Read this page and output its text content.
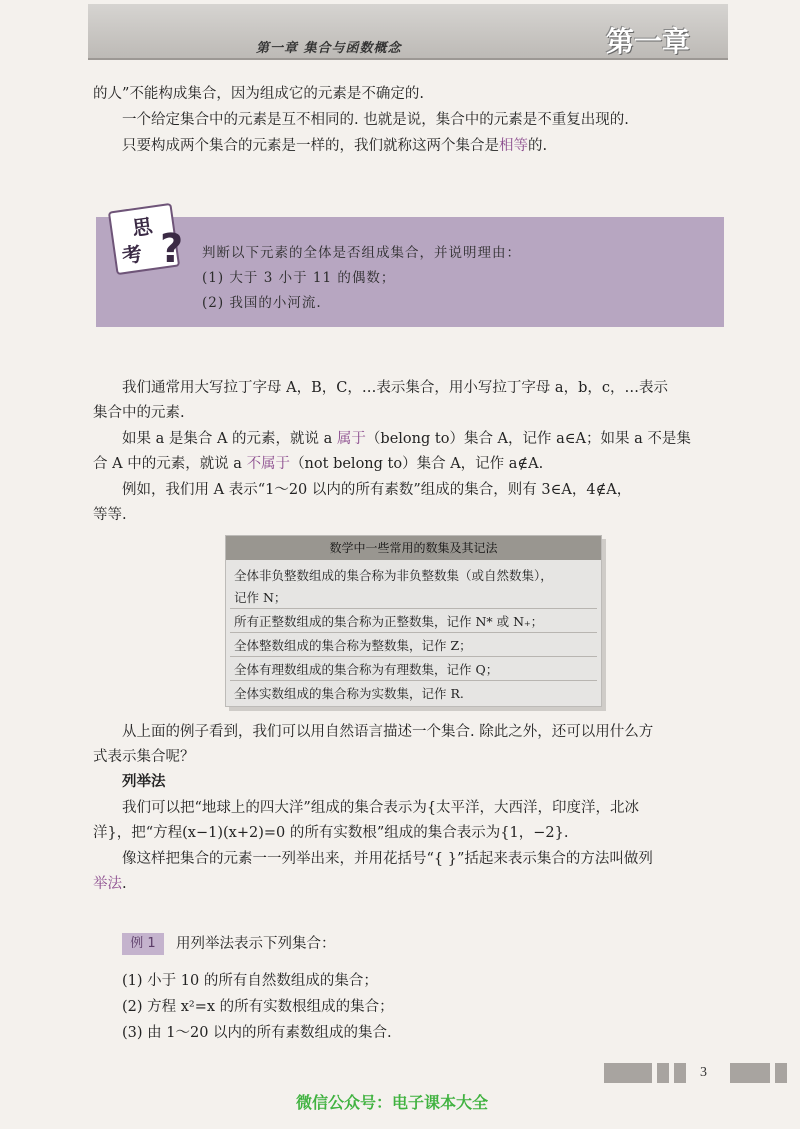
第一章 集合与函数概念	第一章
的人”不能构成集合，因为组成它的元素是不确定的.
一个给定集合中的元素是互不相同的. 也就是说，集合中的元素是不重复出现的.
只要构成两个集合的元素是一样的，我们就称这两个集合是相等的.
思
考 ? 判断以下元素的全体是否组成集合，并说明理由：
(1) 大于 3 小于 11 的偶数；
(2) 我国的小河流.
我们通常用大写拉丁字母 A，B，C，…表示集合，用小写拉丁字母 a，b，c，…表示
集合中的元素.
如果 a 是集合 A 的元素，就说 a 属于（belong to）集合 A，记作 a∈A；如果 a 不是集
合 A 中的元素，就说 a 不属于（not belong to）集合 A，记作 a∉A.
例如，我们用 A 表示“1～20 以内的所有素数”组成的集合，则有 3∈A，4∉A，
等等.
数学中一些常用的数集及其记法
全体非负整数组成的集合称为非负整数集（或自然数集），
记作 N；
所有正整数组成的集合称为正整数集，记作 N* 或 N₊；
全体整数组成的集合称为整数集，记作 Z；
全体有理数组成的集合称为有理数集，记作 Q；
全体实数组成的集合称为实数集，记作 R.
从上面的例子看到，我们可以用自然语言描述一个集合. 除此之外，还可以用什么方
式表示集合呢？
列举法
我们可以把“地球上的四大洋”组成的集合表示为{太平洋，大西洋，印度洋，北冰
洋}，把“方程(x−1)(x+2)=0 的所有实数根”组成的集合表示为{1，−2}.
像这样把集合的元素一一列举出来，并用花括号“{ }”括起来表示集合的方法叫做列
举法.
例 1	用列举法表示下列集合：
(1) 小于 10 的所有自然数组成的集合；
(2) 方程 x²=x 的所有实数根组成的集合；
(3) 由 1～20 以内的所有素数组成的集合.
3
微信公众号：电子课本大全
